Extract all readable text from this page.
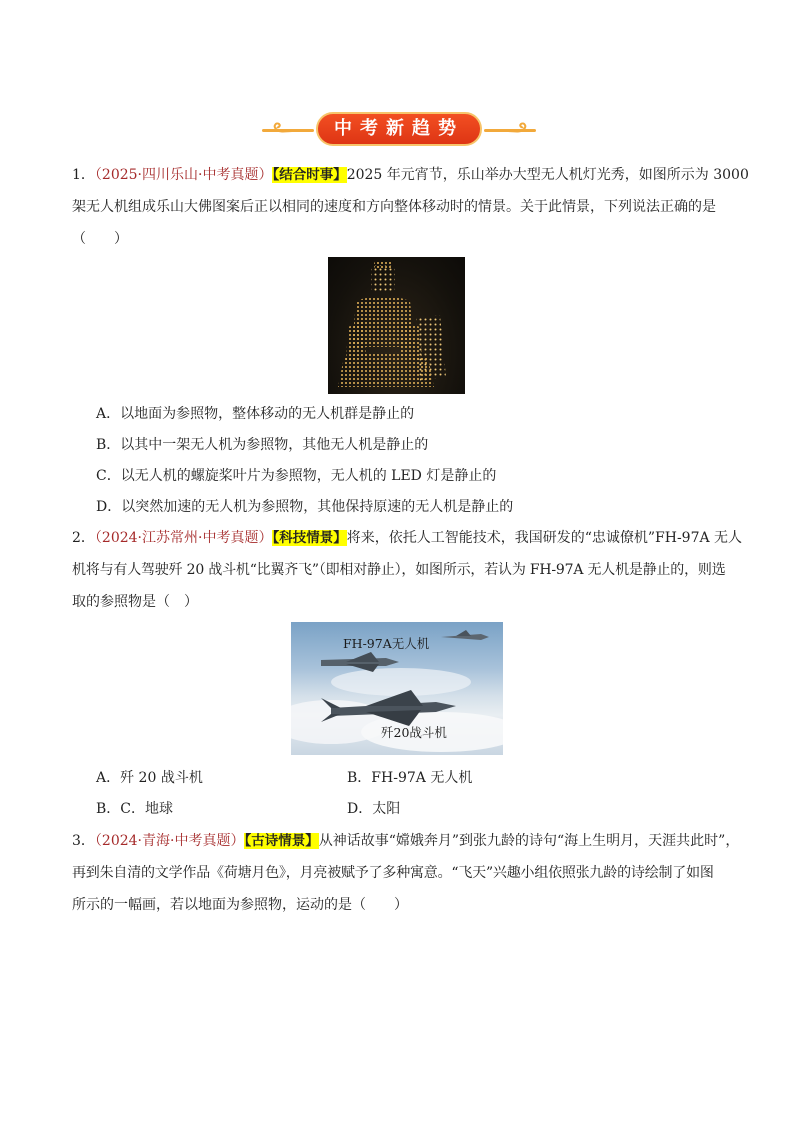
中考新趋势
1．（2025·四川乐山·中考真题）【结合时事】2025 年元宵节，乐山举办大型无人机灯光秀，如图所示为 3000
架无人机组成乐山大佛图案后正以相同的速度和方向整体移动时的情景。关于此情景，下列说法正确的是
（　　）
A．以地面为参照物，整体移动的无人机群是静止的
B．以其中一架无人机为参照物，其他无人机是静止的
C．以无人机的螺旋桨叶片为参照物，无人机的 LED 灯是静止的
D．以突然加速的无人机为参照物，其他保持原速的无人机是静止的
2．（2024·江苏常州·中考真题）【科技情景】将来，依托人工智能技术，我国研发的“忠诚僚机”FH-97A 无人
机将与有人驾驶歼 20 战斗机“比翼齐飞”（即相对静止），如图所示，若认为 FH-97A 无人机是静止的，则选
取的参照物是（　）
FH-97A无人机
歼20战斗机
A．歼 20 战斗机	B．FH-97A 无人机
B．C．地球	D．太阳
3．（2024·青海·中考真题）【古诗情景】从神话故事“嫦娥奔月”到张九龄的诗句“海上生明月，天涯共此时”，
再到朱自清的文学作品《荷塘月色》，月亮被赋予了多种寓意。“飞天”兴趣小组依照张九龄的诗绘制了如图
所示的一幅画，若以地面为参照物，运动的是（　　）
